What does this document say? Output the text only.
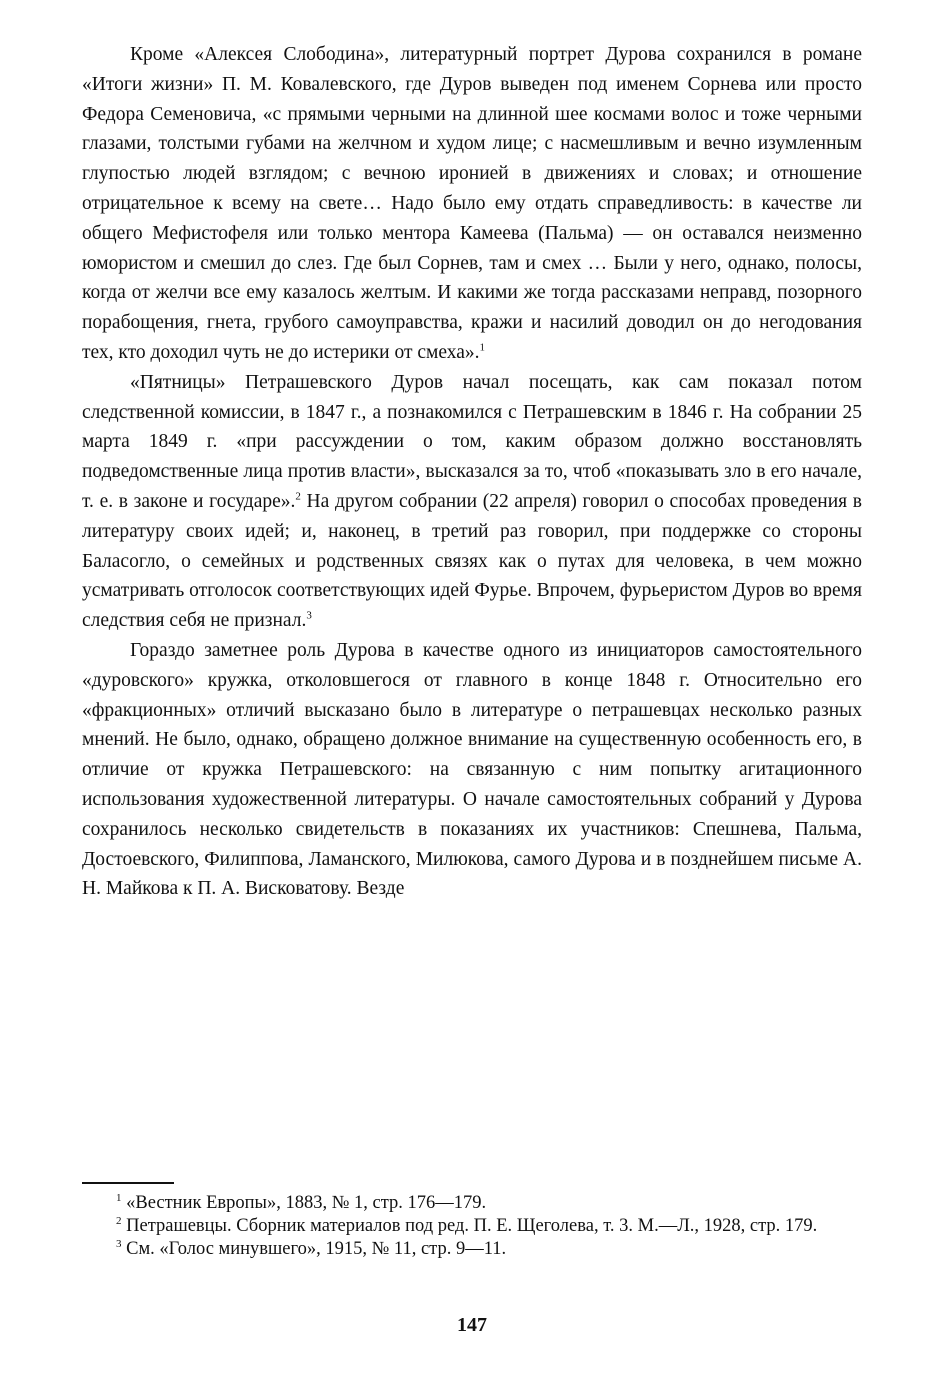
Кроме «Алексея Слободина», литературный портрет Дурова сохранился в романе «Итоги жизни» П. М. Ковалевского, где Дуров выведен под именем Сорнева или просто Федора Семеновича, «с прямыми черными на длинной шее космами волос и тоже черными глазами, толстыми губами на желчном и худом лице; с насмешливым и вечно изумленным глупостью людей взглядом; с вечною иронией в движениях и словах; и отношение отрицательное к всему на свете… Надо было ему отдать справедливость: в качестве ли общего Мефистофеля или только ментора Камеева (Пальма) — он оставался неизменно юмористом и смешил до слез. Где был Сорнев, там и смех … Были у него, однако, полосы, когда от желчи все ему казалось желтым. И какими же тогда рассказами неправд, позорного порабощения, гнета, грубого самоуправства, кражи и насилий доводил он до негодования тех, кто доходил чуть не до истерики от смеха».$^1$

«Пятницы» Петрашевского Дуров начал посещать, как сам показал потом следственной комиссии, в 1847 г., а познакомился с Петрашевским в 1846 г. На собрании 25 марта 1849 г. «при рассуждении о том, каким образом должно восстановлять подведомственные лица против власти», высказался за то, чтоб «показывать зло в его начале, т. е. в законе и государе».$^2$ На другом собрании (22 апреля) говорил о способах проведения в литературу своих идей; и, наконец, в третий раз говорил, при поддержке со стороны Баласогло, о семейных и родственных связях как о путах для человека, в чем можно усматривать отголосок соответствующих идей Фурье. Впрочем, фурьеристом Дуров во время следствия себя не признал.$^3$

Гораздо заметнее роль Дурова в качестве одного из инициаторов самостоятельного «дуровского» кружка, отколовшегося от главного в конце 1848 г. Относительно его «фракционных» отличий высказано было в литературе о петрашевцах несколько разных мнений. Не было, однако, обращено должное внимание на существенную особенность его, в отличие от кружка Петрашевского: на связанную с ним попытку агитационного использования художественной литературы. О начале самостоятельных собраний у Дурова сохранилось несколько свидетельств в показаниях их участников: Спешнева, Пальма, Достоевского, Филиппова, Ламанского, Милюкова, самого Дурова и в позднейшем письме А. Н. Майкова к П. А. Висковатову. Везде

$^1$ «Вестник Европы», 1883, № 1, стр. 176—179.

$^2$ Петрашевцы. Сборник материалов под ред. П. Е. Щеголева, т. 3. М.—Л., 1928, стр. 179.

$^3$ См. «Голос минувшего», 1915, № 11, стр. 9—11.

147
